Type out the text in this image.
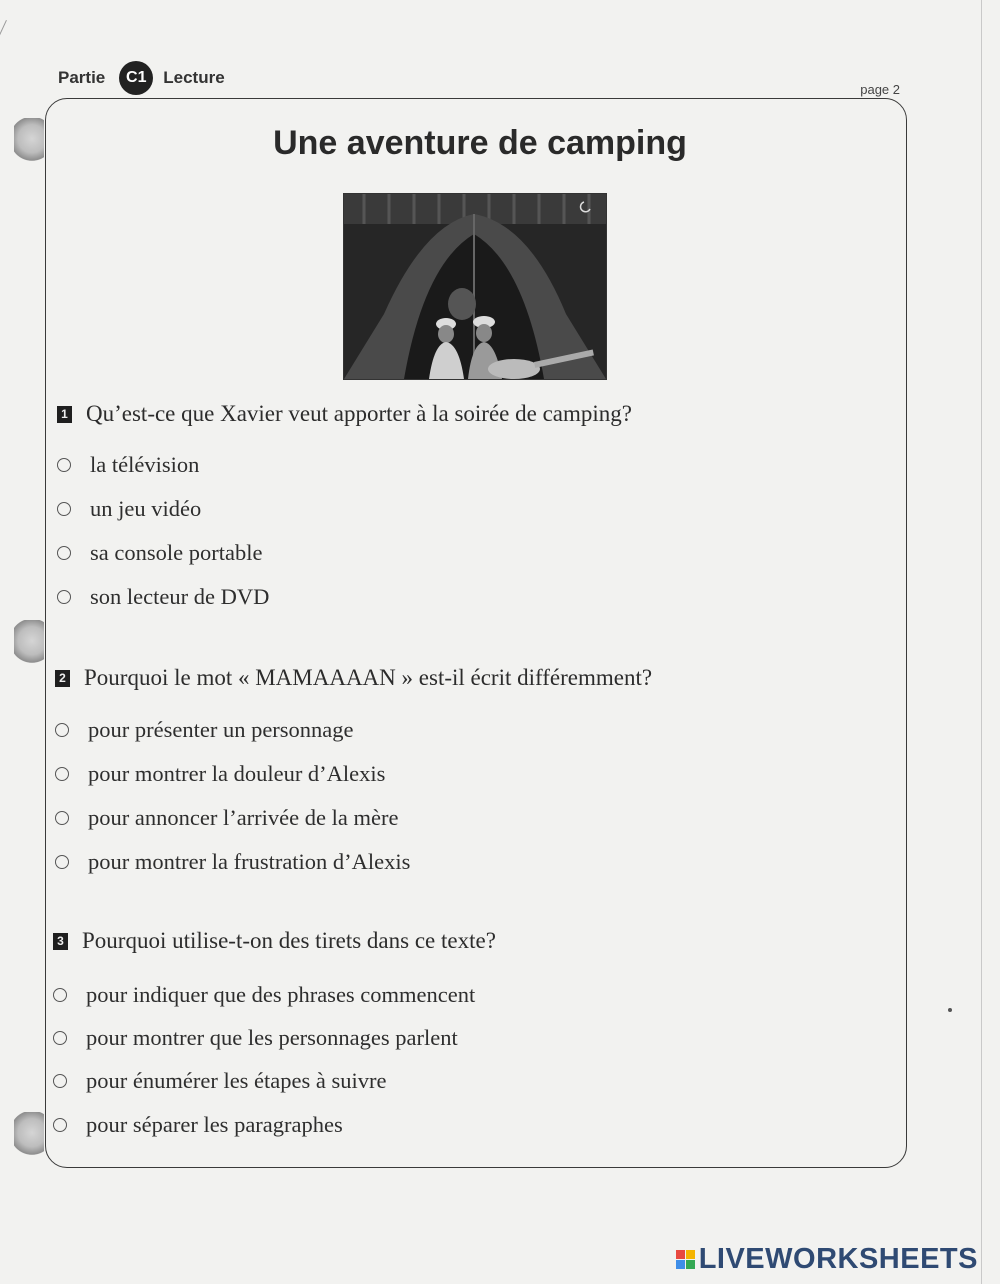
Partie	C1 Lecture
page 2
Une aventure de camping
1 Qu’est-ce que Xavier veut apporter à la soirée de camping?
la télévision
un jeu vidéo
sa console portable
son lecteur de DVD
2 Pourquoi le mot « MAMAAAAN » est-il écrit différemment?
pour présenter un personnage
pour montrer la douleur d’Alexis
pour annoncer l’arrivée de la mère
pour montrer la frustration d’Alexis
3 Pourquoi utilise-t-on des tirets dans ce texte?
pour indiquer que des phrases commencent
pour montrer que les personnages parlent
pour énumérer les étapes à suivre
pour séparer les paragraphes
LIVEWORKSHEETS
